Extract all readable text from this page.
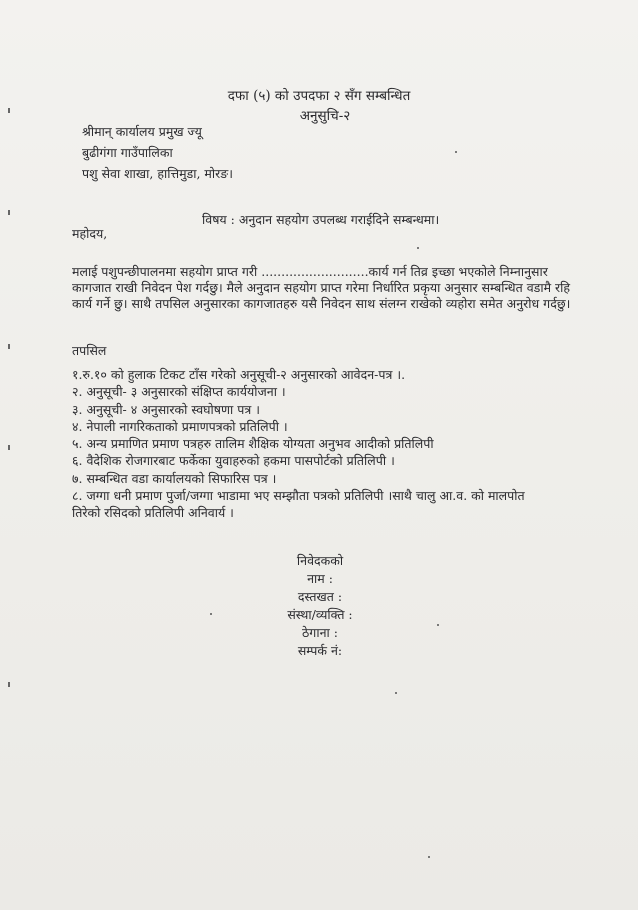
दफा (५) को उपदफा २ सँग सम्बन्धित
अनुसुचि-२
श्रीमान् कार्यालय प्रमुख ज्यू
बुढीगंगा गाउँपालिका
पशु सेवा शाखा, हात्तिमुडा, मोरङ।
विषय : अनुदान सहयोग उपलब्ध गराईदिने सम्बन्धमा।
महोदय,
मलाई पशुपन्छीपालनमा सहयोग प्राप्त गरी ...........................कार्य गर्न तिव्र इच्छा भएकोले निम्नानुसार
कागजात राखी निवेदन पेश गर्दछु। मैले अनुदान सहयोग प्राप्त गरेमा निर्धारित प्रकृया अनुसार सम्बन्धित वडामै रहि
कार्य गर्ने छु। साथै तपसिल अनुसारका कागजातहरु यसै निवेदन साथ संलग्न राखेको व्यहोरा समेत अनुरोध गर्दछु।
तपसिल
१.रु.१० को हुलाक टिकट टाँस गरेको अनुसूची-२ अनुसारको आवेदन-पत्र ।.
२. अनुसूची- ३ अनुसारको संक्षिप्त कार्ययोजना ।
३. अनुसूची- ४ अनुसारको स्वघोषणा पत्र ।
४. नेपाली नागरिकताको प्रमाणपत्रको प्रतिलिपी ।
५. अन्य प्रमाणित प्रमाण पत्रहरु तालिम शैक्षिक योग्यता अनुभव आदीको प्रतिलिपी
६. वैदेशिक रोजगारबाट फर्केका युवाहरुको हकमा पासपोर्टको प्रतिलिपी ।
७. सम्बन्धित वडा कार्यालयको सिफारिस पत्र ।
८. जग्गा धनी प्रमाण पुर्जा/जग्गा भाडामा भए सम्झौता पत्रको प्रतिलिपी ।साथै चालु आ.व. को मालपोत
तिरेको रसिदको प्रतिलिपी अनिवार्य ।
निवेदकको
नाम :
दस्तखत :
संस्था/व्यक्ति :
ठेगाना :
सम्पर्क नं:
